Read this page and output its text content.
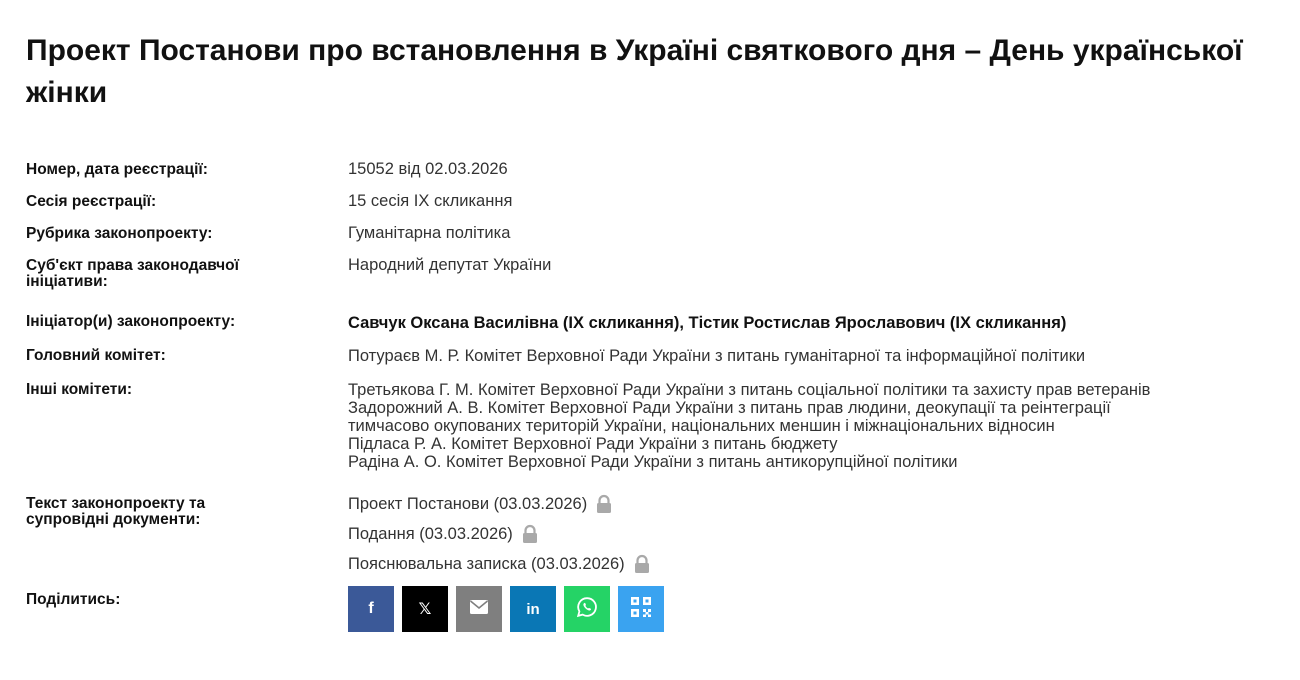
Проект Постанови про встановлення в Україні святкового дня – День української жінки
Номер, дата реєстрації:	15052 від 02.03.2026
Сесія реєстрації:	15 сесія IX скликання
Рубрика законопроекту:	Гуманітарна політика
Суб'єкт права законодавчої ініціативи:
Народний депутат України
Ініціатор(и) законопроекту:	Савчук Оксана Василівна (IX скликання), Тістик Ростислав Ярославович (IX скликання)
Головний комітет:	Потураєв М. Р. Комітет Верховної Ради України з питань гуманітарної та інформаційної політики
Інші комітети:	Третьякова Г. М. Комітет Верховної Ради України з питань соціальної політики та захисту прав ветеранів
Задорожний А. В. Комітет Верховної Ради України з питань прав людини, деокупації та реінтеграції
тимчасово окупованих територій України, національних меншин і міжнаціональних відносин
Підласа Р. А. Комітет Верховної Ради України з питань бюджету
Радіна А. О. Комітет Верховної Ради України з питань антикорупційної політики
Текст законопроекту та супровідні документи:
Проект Постанови (03.03.2026)
Подання (03.03.2026)
Пояснювальна записка (03.03.2026)
Поділитись:
f	𝕏	in
